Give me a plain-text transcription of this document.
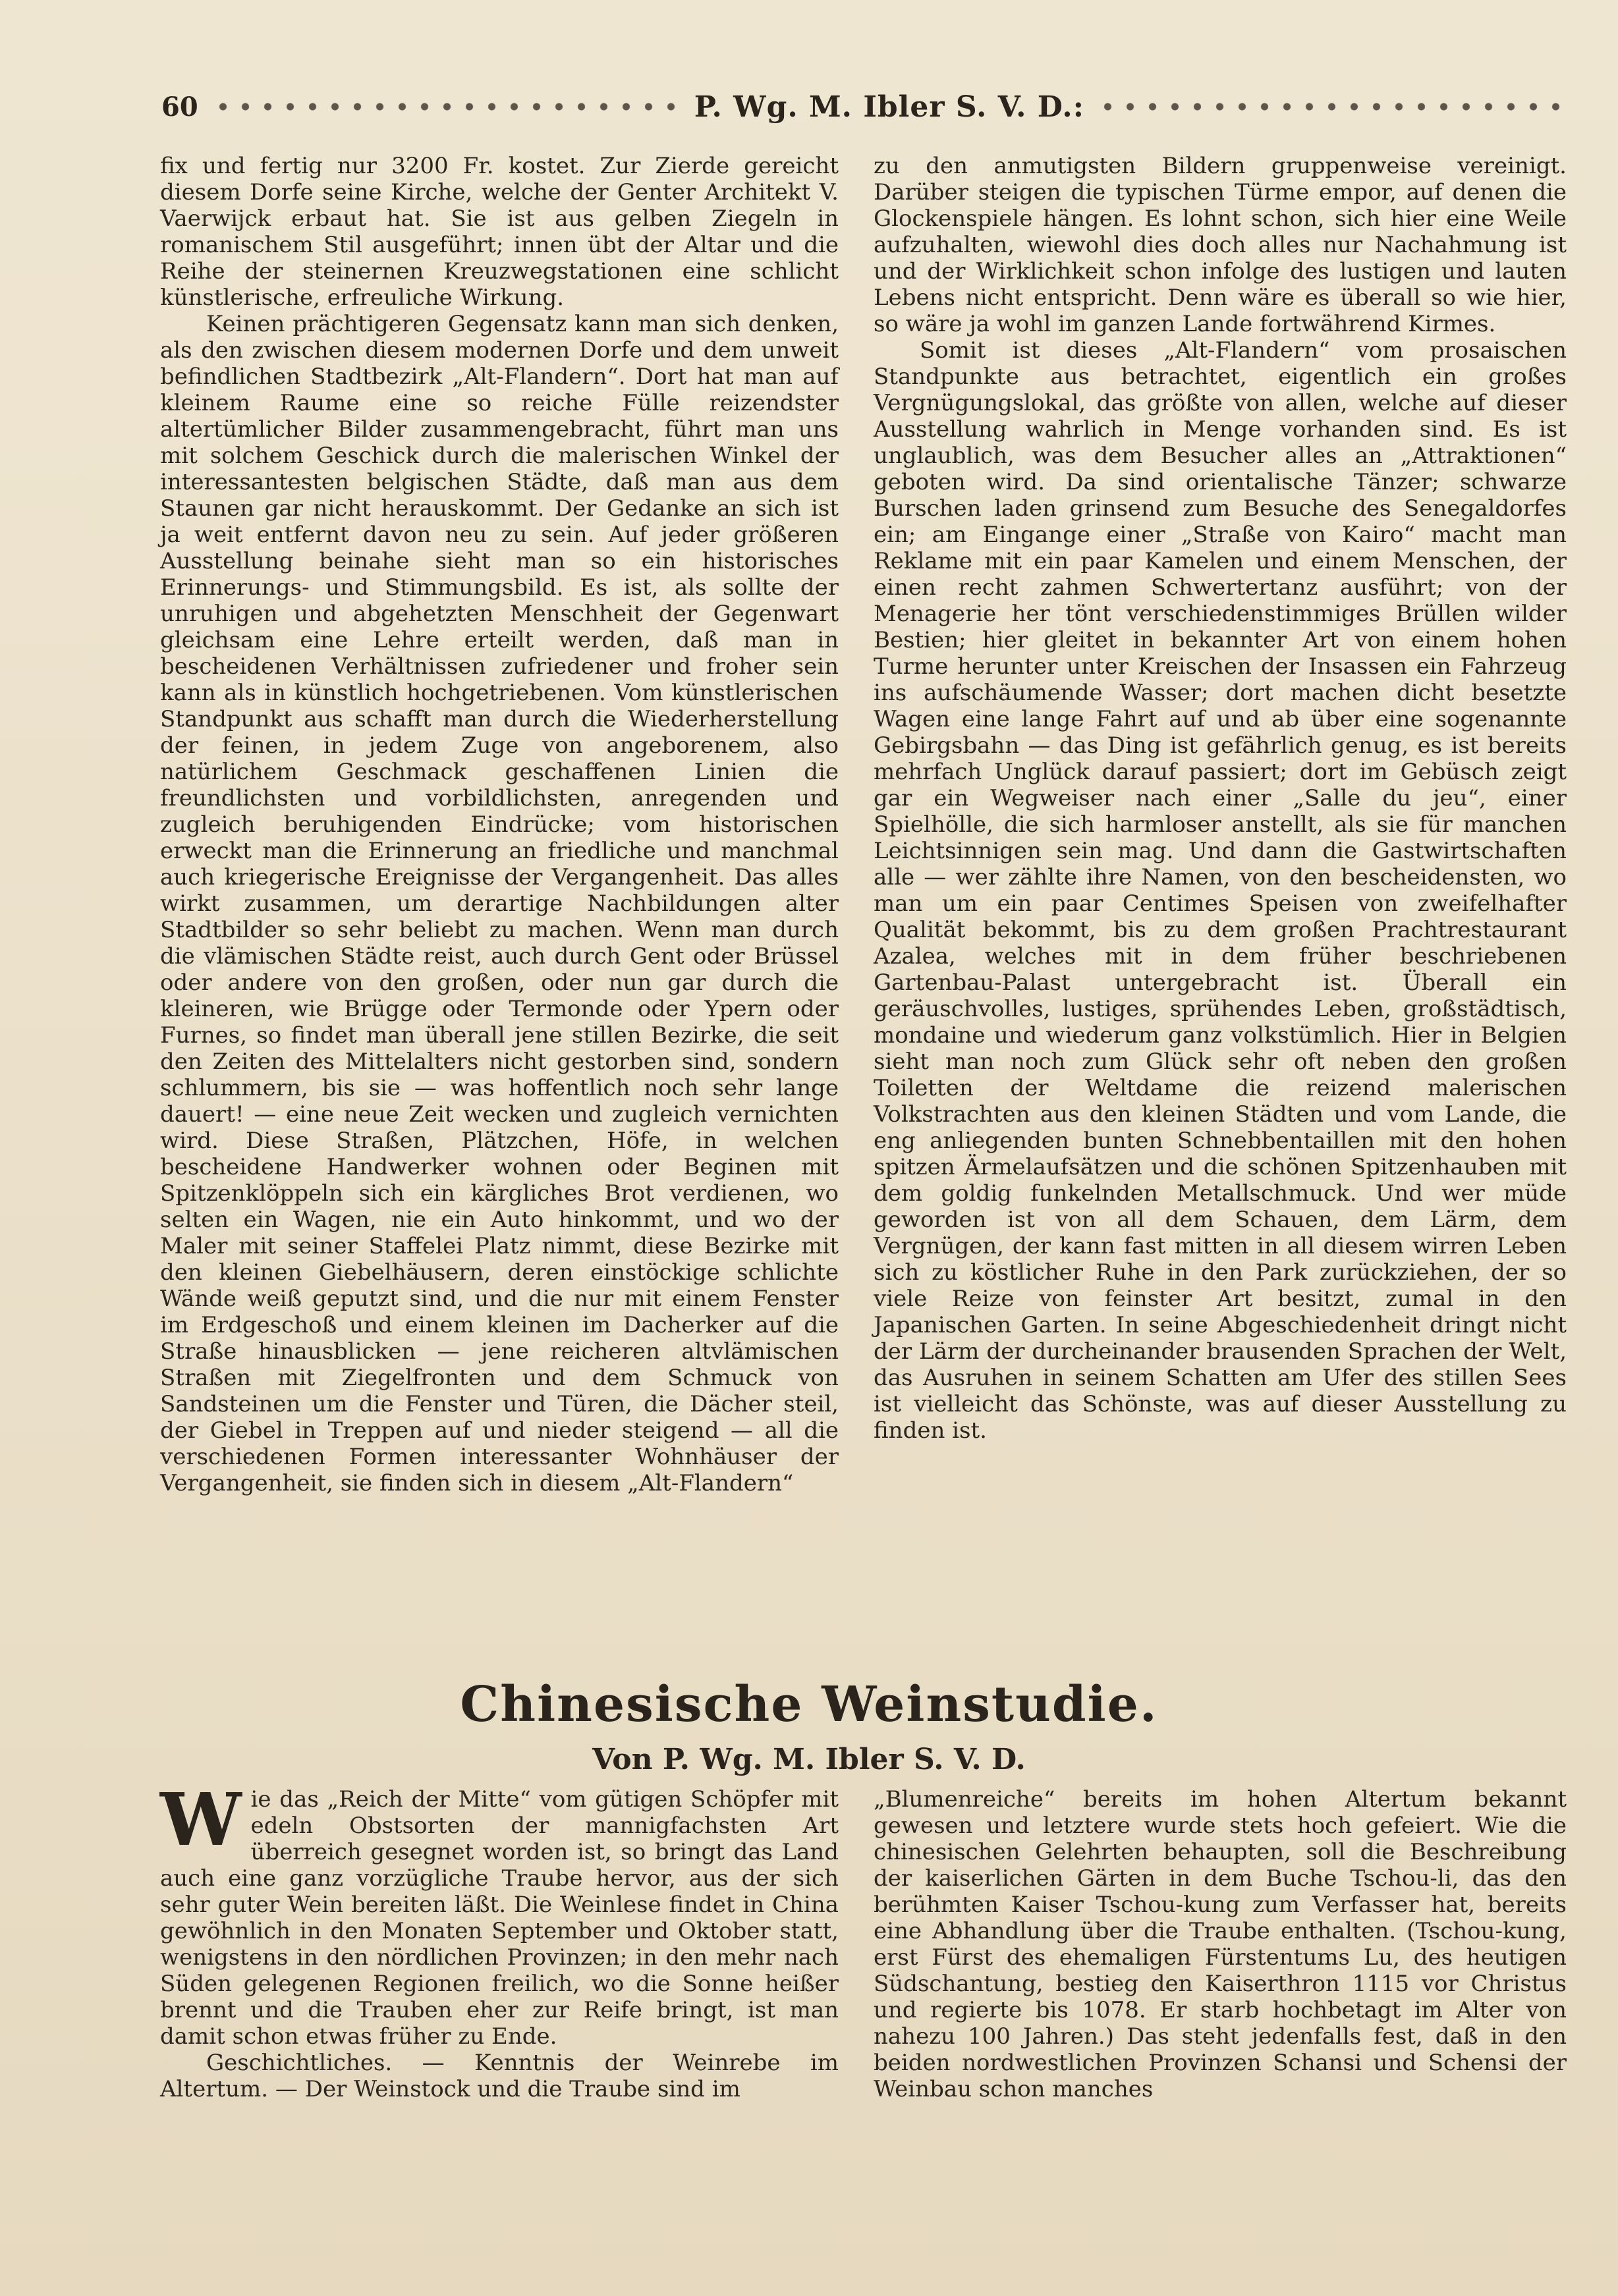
60	P. Wg. M. Ibler S. V. D.:

fix und fertig nur 3200 Fr. kostet. Zur Zierde gereicht diesem Dorfe seine Kirche, welche der Genter Architekt V. Vaerwijck erbaut hat. Sie ist aus gelben Ziegeln in romanischem Stil ausgeführt; innen übt der Altar und die Reihe der steinernen Kreuzwegstationen eine schlicht künstlerische, erfreuliche Wirkung.

Keinen prächtigeren Gegensatz kann man sich denken, als den zwischen diesem modernen Dorfe und dem unweit befindlichen Stadtbezirk „Alt-Flandern“. Dort hat man auf kleinem Raume eine so reiche Fülle reizendster altertümlicher Bilder zusammengebracht, führt man uns mit solchem Geschick durch die malerischen Winkel der interessantesten belgischen Städte, daß man aus dem Staunen gar nicht herauskommt. Der Gedanke an sich ist ja weit entfernt davon neu zu sein. Auf jeder größeren Ausstellung beinahe sieht man so ein historisches Erinnerungs- und Stimmungsbild. Es ist, als sollte der unruhigen und abgehetzten Menschheit der Gegenwart gleichsam eine Lehre erteilt werden, daß man in bescheidenen Verhältnissen zufriedener und froher sein kann als in künstlich hochgetriebenen. Vom künstlerischen Standpunkt aus schafft man durch die Wiederherstellung der feinen, in jedem Zuge von angeborenem, also natürlichem Geschmack geschaffenen Linien die freundlichsten und vorbildlichsten, anregenden und zugleich beruhigenden Eindrücke; vom historischen erweckt man die Erinnerung an friedliche und manchmal auch kriegerische Ereignisse der Vergangenheit. Das alles wirkt zusammen, um derartige Nachbildungen alter Stadtbilder so sehr beliebt zu machen. Wenn man durch die vlämischen Städte reist, auch durch Gent oder Brüssel oder andere von den großen, oder nun gar durch die kleineren, wie Brügge oder Termonde oder Ypern oder Furnes, so findet man überall jene stillen Bezirke, die seit den Zeiten des Mittelalters nicht gestorben sind, sondern schlummern, bis sie — was hoffentlich noch sehr lange dauert! — eine neue Zeit wecken und zugleich vernichten wird. Diese Straßen, Plätzchen, Höfe, in welchen bescheidene Handwerker wohnen oder Beginen mit Spitzenklöppeln sich ein kärgliches Brot verdienen, wo selten ein Wagen, nie ein Auto hinkommt, und wo der Maler mit seiner Staffelei Platz nimmt, diese Bezirke mit den kleinen Giebelhäusern, deren einstöckige schlichte Wände weiß geputzt sind, und die nur mit einem Fenster im Erdgeschoß und einem kleinen im Dacherker auf die Straße hinausblicken — jene reicheren altvlämischen Straßen mit Ziegelfronten und dem Schmuck von Sandsteinen um die Fenster und Türen, die Dächer steil, der Giebel in Treppen auf und nieder steigend — all die verschiedenen Formen interessanter Wohnhäuser der Vergangenheit, sie finden sich in diesem „Alt-Flandern“

zu den anmutigsten Bildern gruppenweise vereinigt. Darüber steigen die typischen Türme empor, auf denen die Glockenspiele hängen. Es lohnt schon, sich hier eine Weile aufzuhalten, wiewohl dies doch alles nur Nachahmung ist und der Wirklichkeit schon infolge des lustigen und lauten Lebens nicht entspricht. Denn wäre es überall so wie hier, so wäre ja wohl im ganzen Lande fortwährend Kirmes.

Somit ist dieses „Alt-Flandern“ vom prosaischen Standpunkte aus betrachtet, eigentlich ein großes Vergnügungslokal, das größte von allen, welche auf dieser Ausstellung wahrlich in Menge vorhanden sind. Es ist unglaublich, was dem Besucher alles an „Attraktionen“ geboten wird. Da sind orientalische Tänzer; schwarze Burschen laden grinsend zum Besuche des Senegaldorfes ein; am Eingange einer „Straße von Kairo“ macht man Reklame mit ein paar Kamelen und einem Menschen, der einen recht zahmen Schwertertanz ausführt; von der Menagerie her tönt verschiedenstimmiges Brüllen wilder Bestien; hier gleitet in bekannter Art von einem hohen Turme herunter unter Kreischen der Insassen ein Fahrzeug ins aufschäumende Wasser; dort machen dicht besetzte Wagen eine lange Fahrt auf und ab über eine sogenannte Gebirgsbahn — das Ding ist gefährlich genug, es ist bereits mehrfach Unglück darauf passiert; dort im Gebüsch zeigt gar ein Wegweiser nach einer „Salle du jeu“, einer Spielhölle, die sich harmloser anstellt, als sie für manchen Leichtsinnigen sein mag. Und dann die Gastwirtschaften alle — wer zählte ihre Namen, von den bescheidensten, wo man um ein paar Centimes Speisen von zweifelhafter Qualität bekommt, bis zu dem großen Prachtrestaurant Azalea, welches mit in dem früher beschriebenen Gartenbau-Palast untergebracht ist. Überall ein geräuschvolles, lustiges, sprühendes Leben, großstädtisch, mondaine und wiederum ganz volkstümlich. Hier in Belgien sieht man noch zum Glück sehr oft neben den großen Toiletten der Weltdame die reizend malerischen Volkstrachten aus den kleinen Städten und vom Lande, die eng anliegenden bunten Schnebbentaillen mit den hohen spitzen Ärmelaufsätzen und die schönen Spitzenhauben mit dem goldig funkelnden Metallschmuck. Und wer müde geworden ist von all dem Schauen, dem Lärm, dem Vergnügen, der kann fast mitten in all diesem wirren Leben sich zu köstlicher Ruhe in den Park zurückziehen, der so viele Reize von feinster Art besitzt, zumal in den Japanischen Garten. In seine Abgeschiedenheit dringt nicht der Lärm der durcheinander brausenden Sprachen der Welt, das Ausruhen in seinem Schatten am Ufer des stillen Sees ist vielleicht das Schönste, was auf dieser Ausstellung zu finden ist.

Chinesische Weinstudie.
Von P. Wg. M. Ibler S. V. D.

Wie das „Reich der Mitte“ vom gütigen Schöpfer mit edeln Obstsorten der mannigfachsten Art überreich gesegnet worden ist, so bringt das Land auch eine ganz vorzügliche Traube hervor, aus der sich sehr guter Wein bereiten läßt. Die Weinlese findet in China gewöhnlich in den Monaten September und Oktober statt, wenigstens in den nördlichen Provinzen; in den mehr nach Süden gelegenen Regionen freilich, wo die Sonne heißer brennt und die Trauben eher zur Reife bringt, ist man damit schon etwas früher zu Ende.

Geschichtliches. — Kenntnis der Weinrebe im Altertum. — Der Weinstock und die Traube sind im

„Blumenreiche“ bereits im hohen Altertum bekannt gewesen und letztere wurde stets hoch gefeiert. Wie die chinesischen Gelehrten behaupten, soll die Beschreibung der kaiserlichen Gärten in dem Buche Tschou-li, das den berühmten Kaiser Tschou-kung zum Verfasser hat, bereits eine Abhandlung über die Traube enthalten. (Tschou-kung, erst Fürst des ehemaligen Fürstentums Lu, des heutigen Südschantung, bestieg den Kaiserthron 1115 vor Christus und regierte bis 1078. Er starb hochbetagt im Alter von nahezu 100 Jahren.) Das steht jedenfalls fest, daß in den beiden nordwestlichen Provinzen Schansi und Schensi der Weinbau schon manches
